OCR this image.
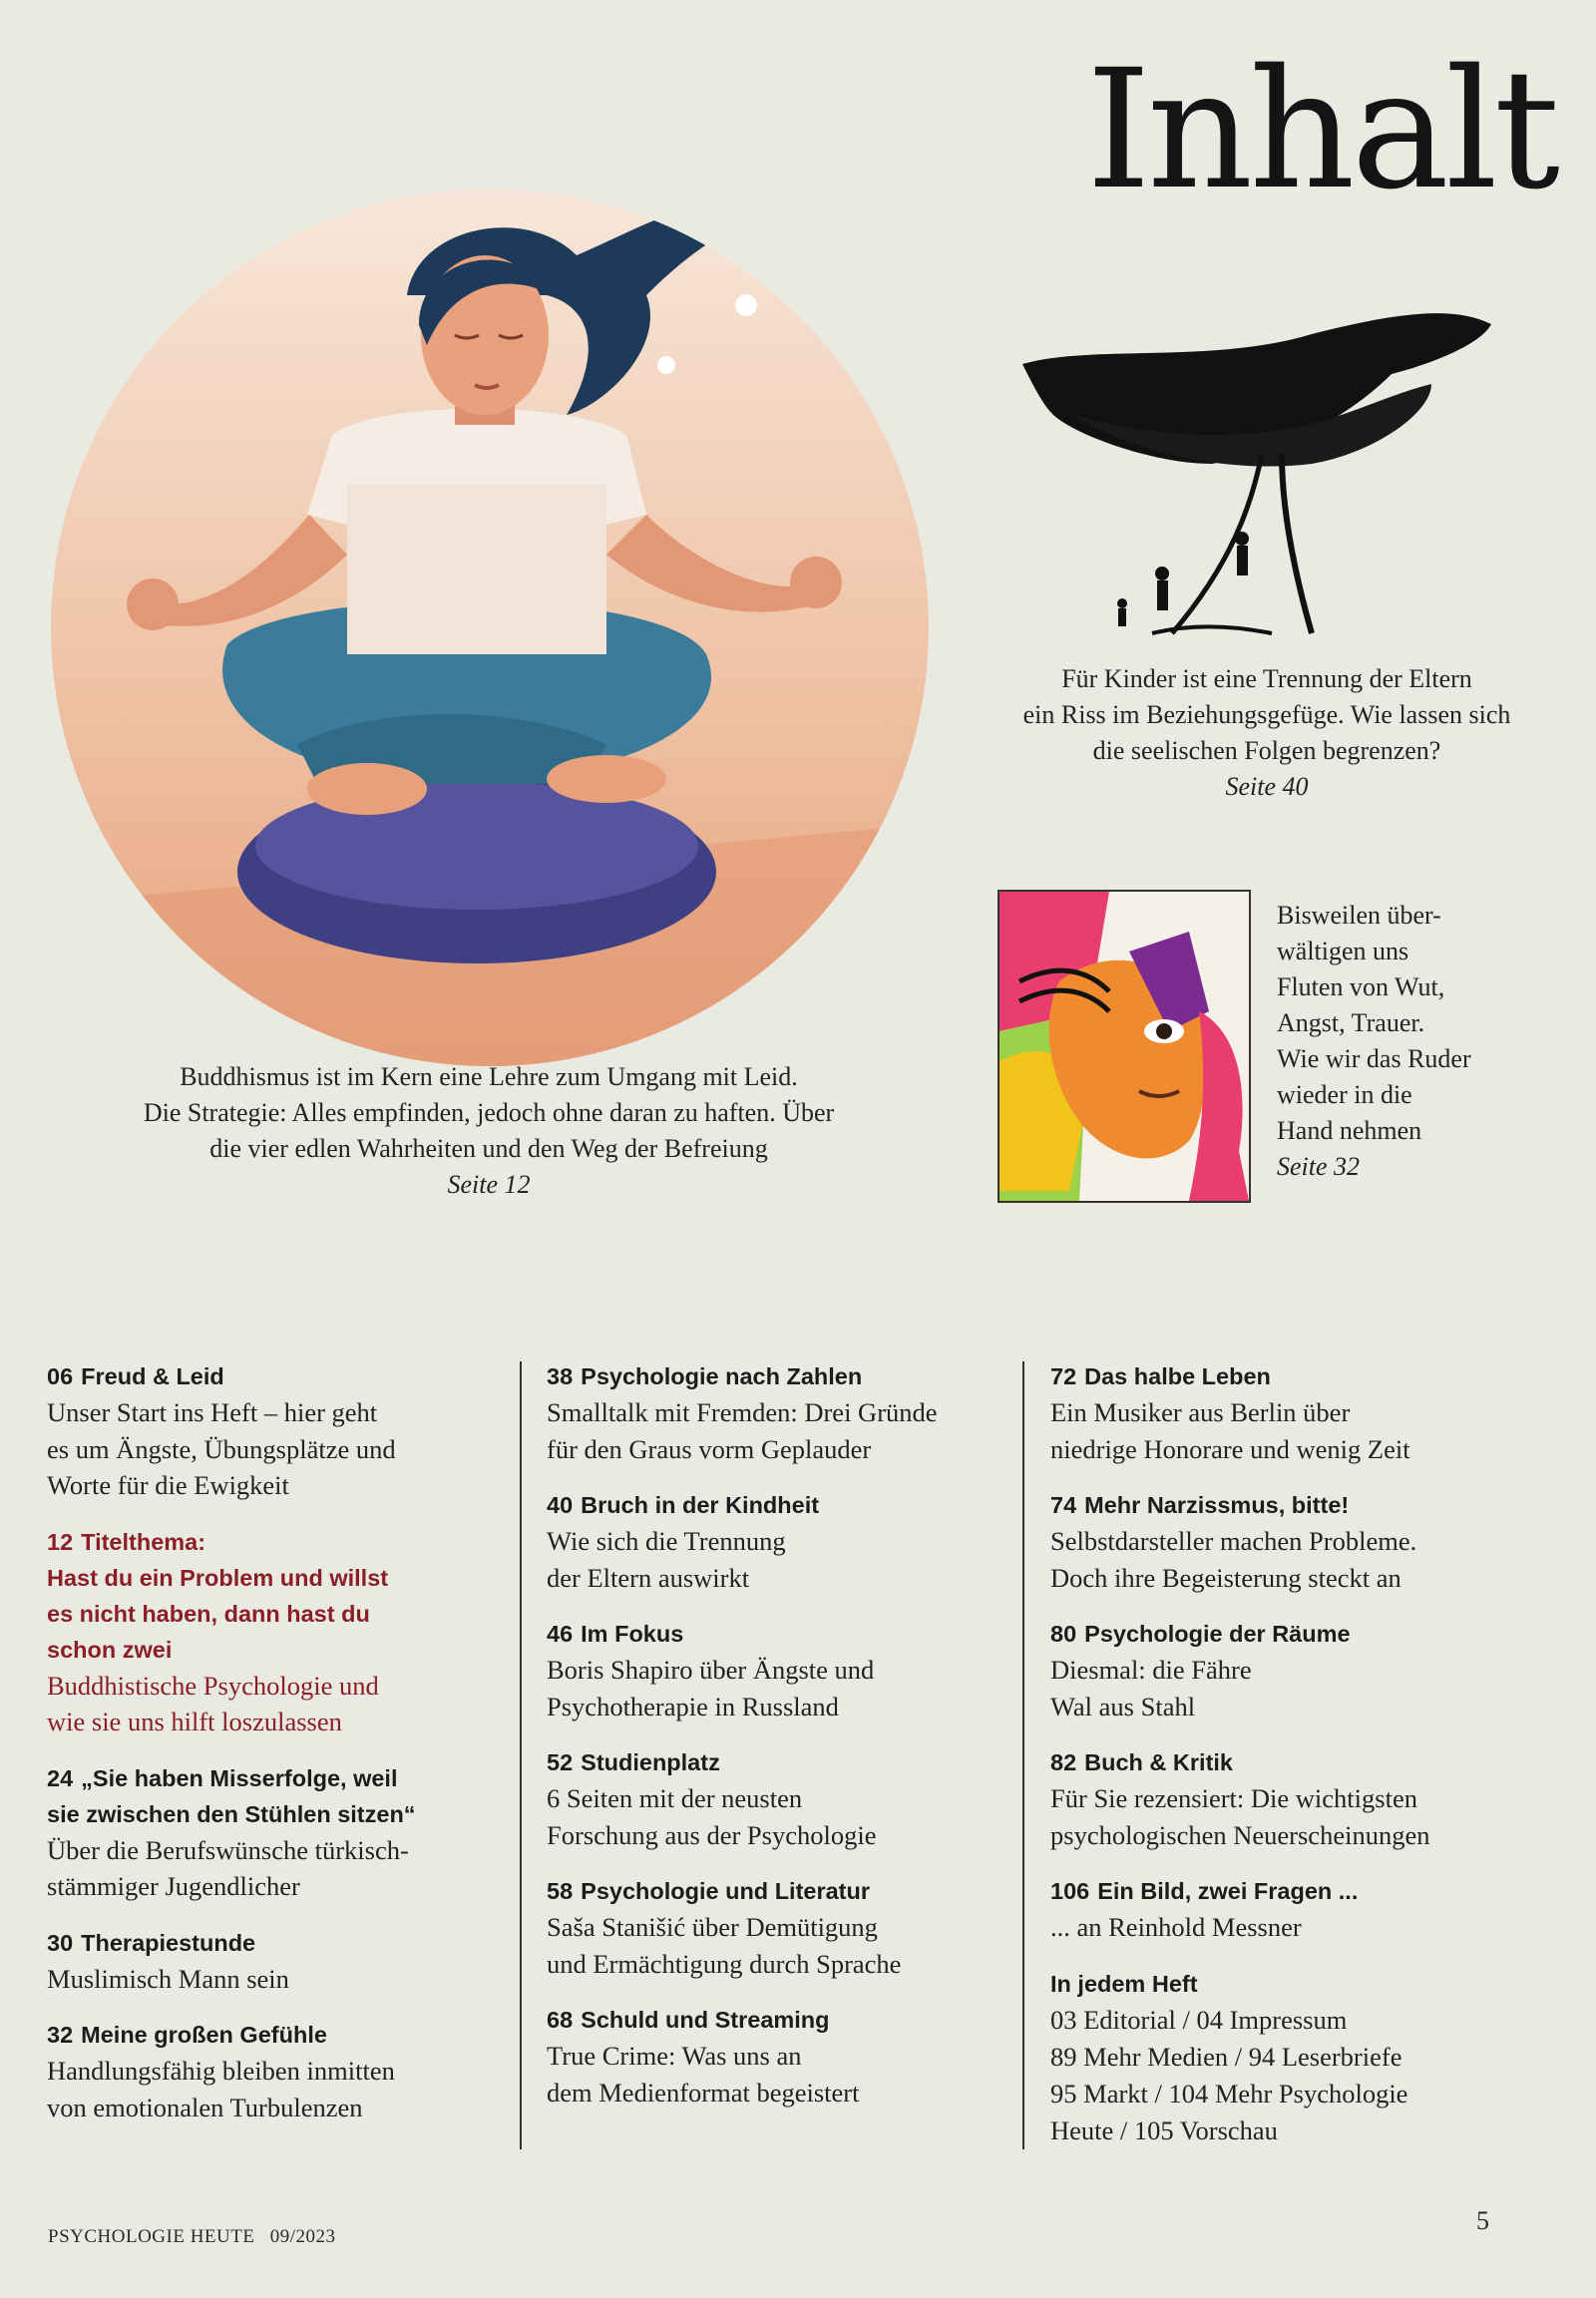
Inhalt
Buddhismus ist im Kern eine Lehre zum Umgang mit Leid.
Die Strategie: Alles empfinden, jedoch ohne daran zu haften. Über
die vier edlen Wahrheiten und den Weg der Befreiung
Seite 12
Für Kinder ist eine Trennung der Eltern
ein Riss im Beziehungsgefüge. Wie lassen sich
die seelischen Folgen begrenzen?
Seite 40
Bisweilen über-
wältigen uns
Fluten von Wut,
Angst, Trauer.
Wie wir das Ruder
wieder in die
Hand nehmen
Seite 32
06 Freud & Leid
Unser Start ins Heft – hier geht
es um Ängste, Übungsplätze und
Worte für die Ewigkeit
12 Titelthema:
Hast du ein Problem und willst
es nicht haben, dann hast du
schon zwei
Buddhistische Psychologie und
wie sie uns hilft loszulassen
24 „Sie haben Misserfolge, weil
sie zwischen den Stühlen sitzen“
Über die Berufswünsche türkisch-
stämmiger Jugendlicher
30 Therapiestunde
Muslimisch Mann sein
32 Meine großen Gefühle
Handlungsfähig bleiben inmitten
von emotionalen Turbulenzen
38 Psychologie nach Zahlen
Smalltalk mit Fremden: Drei Gründe
für den Graus vorm Geplauder
40 Bruch in der Kindheit
Wie sich die Trennung
der Eltern auswirkt
46 Im Fokus
Boris Shapiro über Ängste und
Psychotherapie in Russland
52 Studienplatz
6 Seiten mit der neusten
Forschung aus der Psychologie
58 Psychologie und Literatur
Saša Stanišić über Demütigung
und Ermächtigung durch Sprache
68 Schuld und Streaming
True Crime: Was uns an
dem Medienformat begeistert
72 Das halbe Leben
Ein Musiker aus Berlin über
niedrige Honorare und wenig Zeit
74 Mehr Narzissmus, bitte!
Selbstdarsteller machen Probleme.
Doch ihre Begeisterung steckt an
80 Psychologie der Räume
Diesmal: die Fähre
Wal aus Stahl
82 Buch & Kritik
Für Sie rezensiert: Die wichtigsten
psychologischen Neuerscheinungen
106 Ein Bild, zwei Fragen ...
... an Reinhold Messner
In jedem Heft
03 Editorial / 04 Impressum
89 Mehr Medien / 94 Leserbriefe
95 Markt / 104 Mehr Psychologie
Heute / 105 Vorschau
PSYCHOLOGIE HEUTE 09/2023
5
